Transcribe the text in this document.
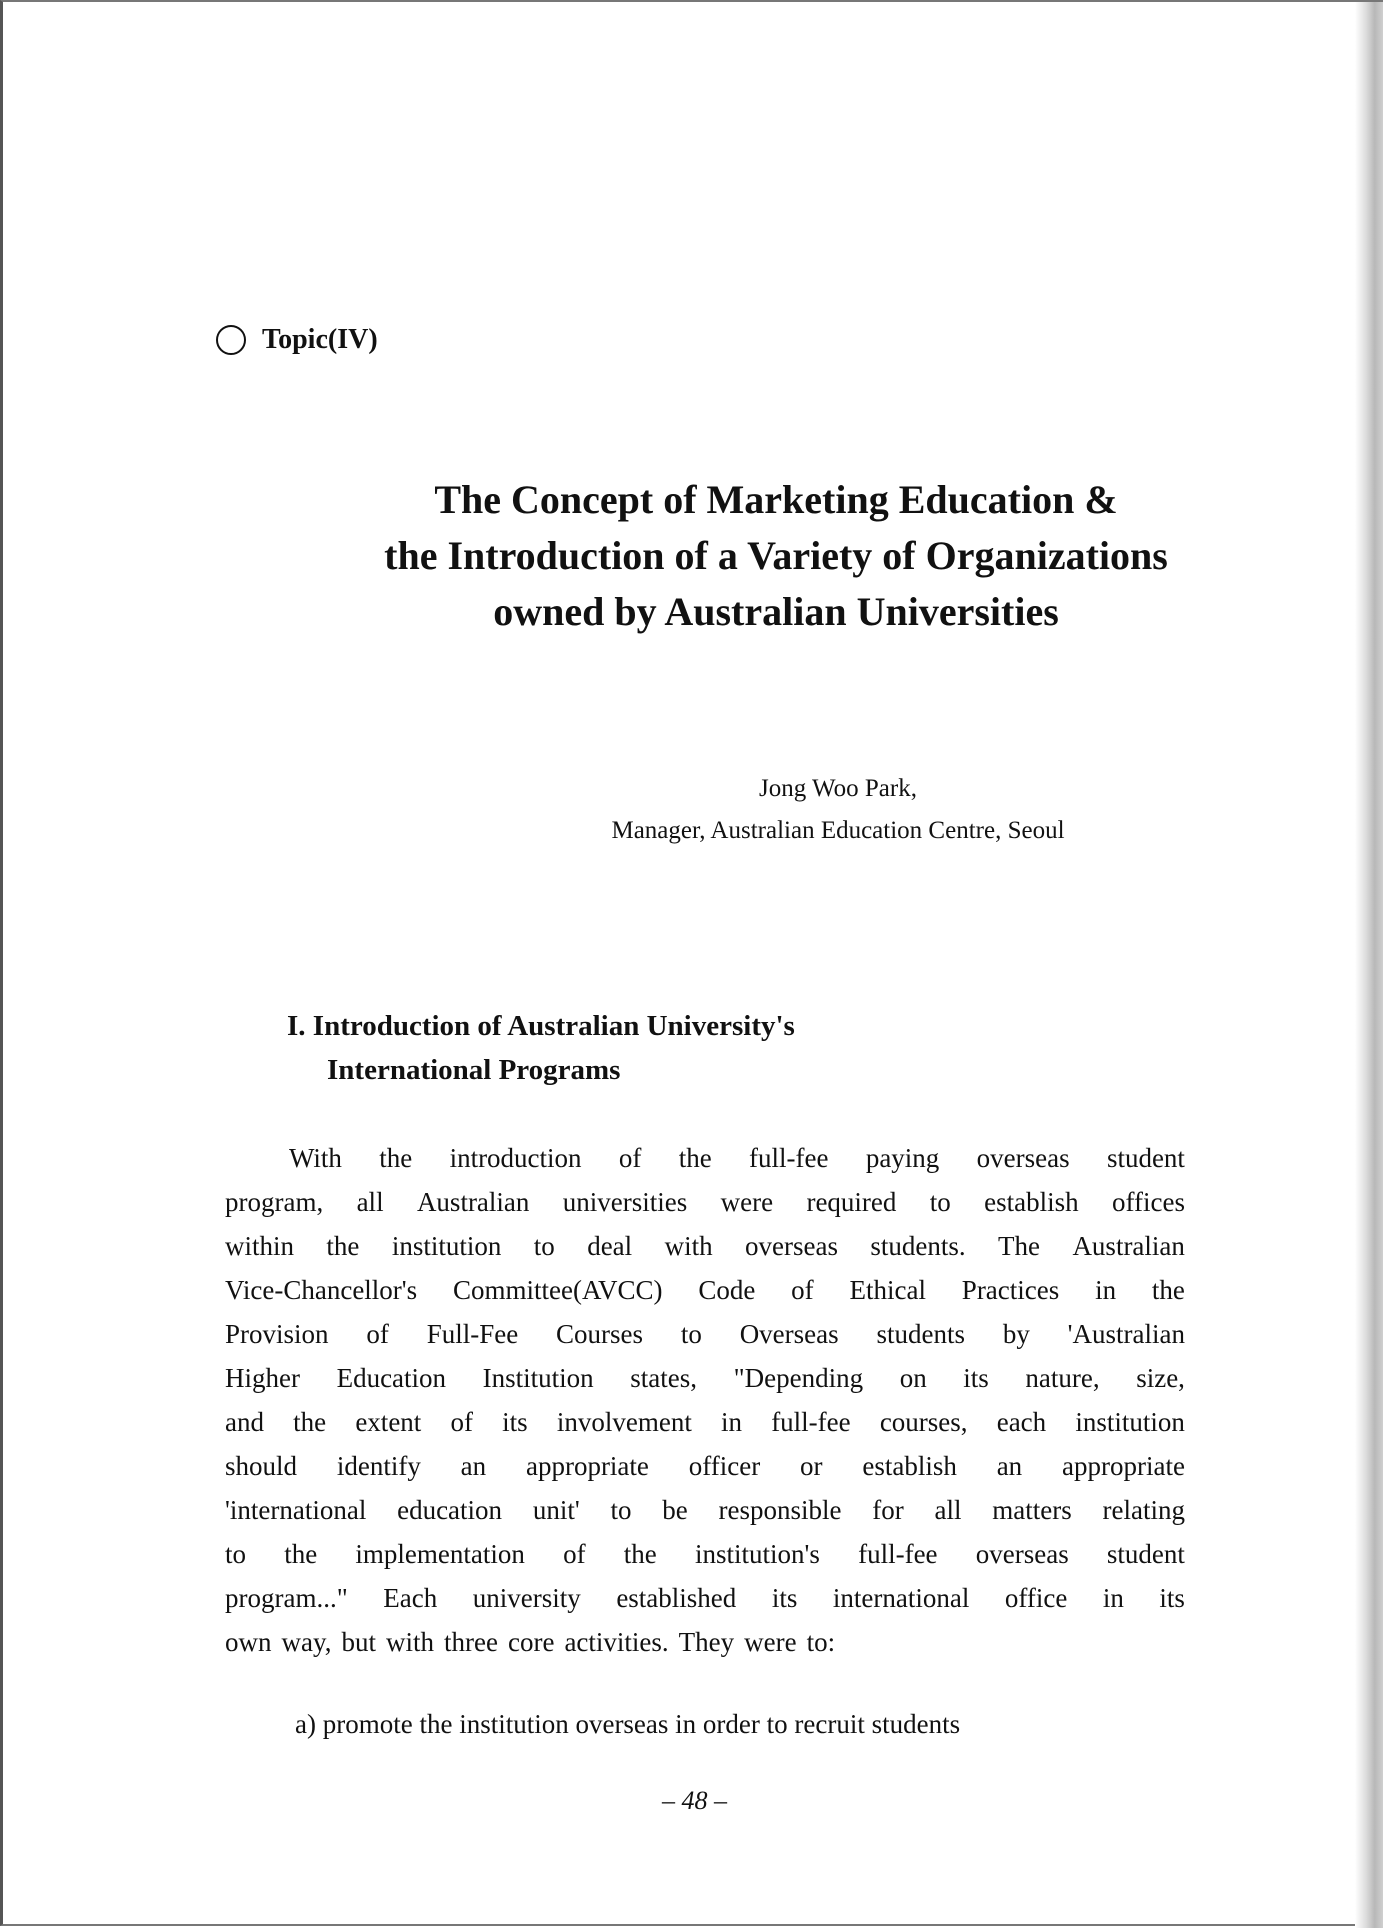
Topic(IV)
The Concept of Marketing Education &
the Introduction of a Variety of Organizations
owned by Australian Universities
Jong Woo Park,
Manager, Australian Education Centre, Seoul
I. Introduction of Australian University's
International Programs
With the introduction of the full-fee paying overseas student
program, all Australian universities were required to establish offices
within the institution to deal with overseas students. The Australian
Vice-Chancellor's Committee(AVCC) Code of Ethical Practices in the
Provision of Full-Fee Courses to Overseas students by 'Australian
Higher Education Institution states, "Depending on its nature, size,
and the extent of its involvement in full-fee courses, each institution
should identify an appropriate officer or establish an appropriate
'international education unit' to be responsible for all matters relating
to the implementation of the institution's full-fee overseas student
program..." Each university established its international office in its
own way, but with three core activities. They were to:
a) promote the institution overseas in order to recruit students
– 48 –
